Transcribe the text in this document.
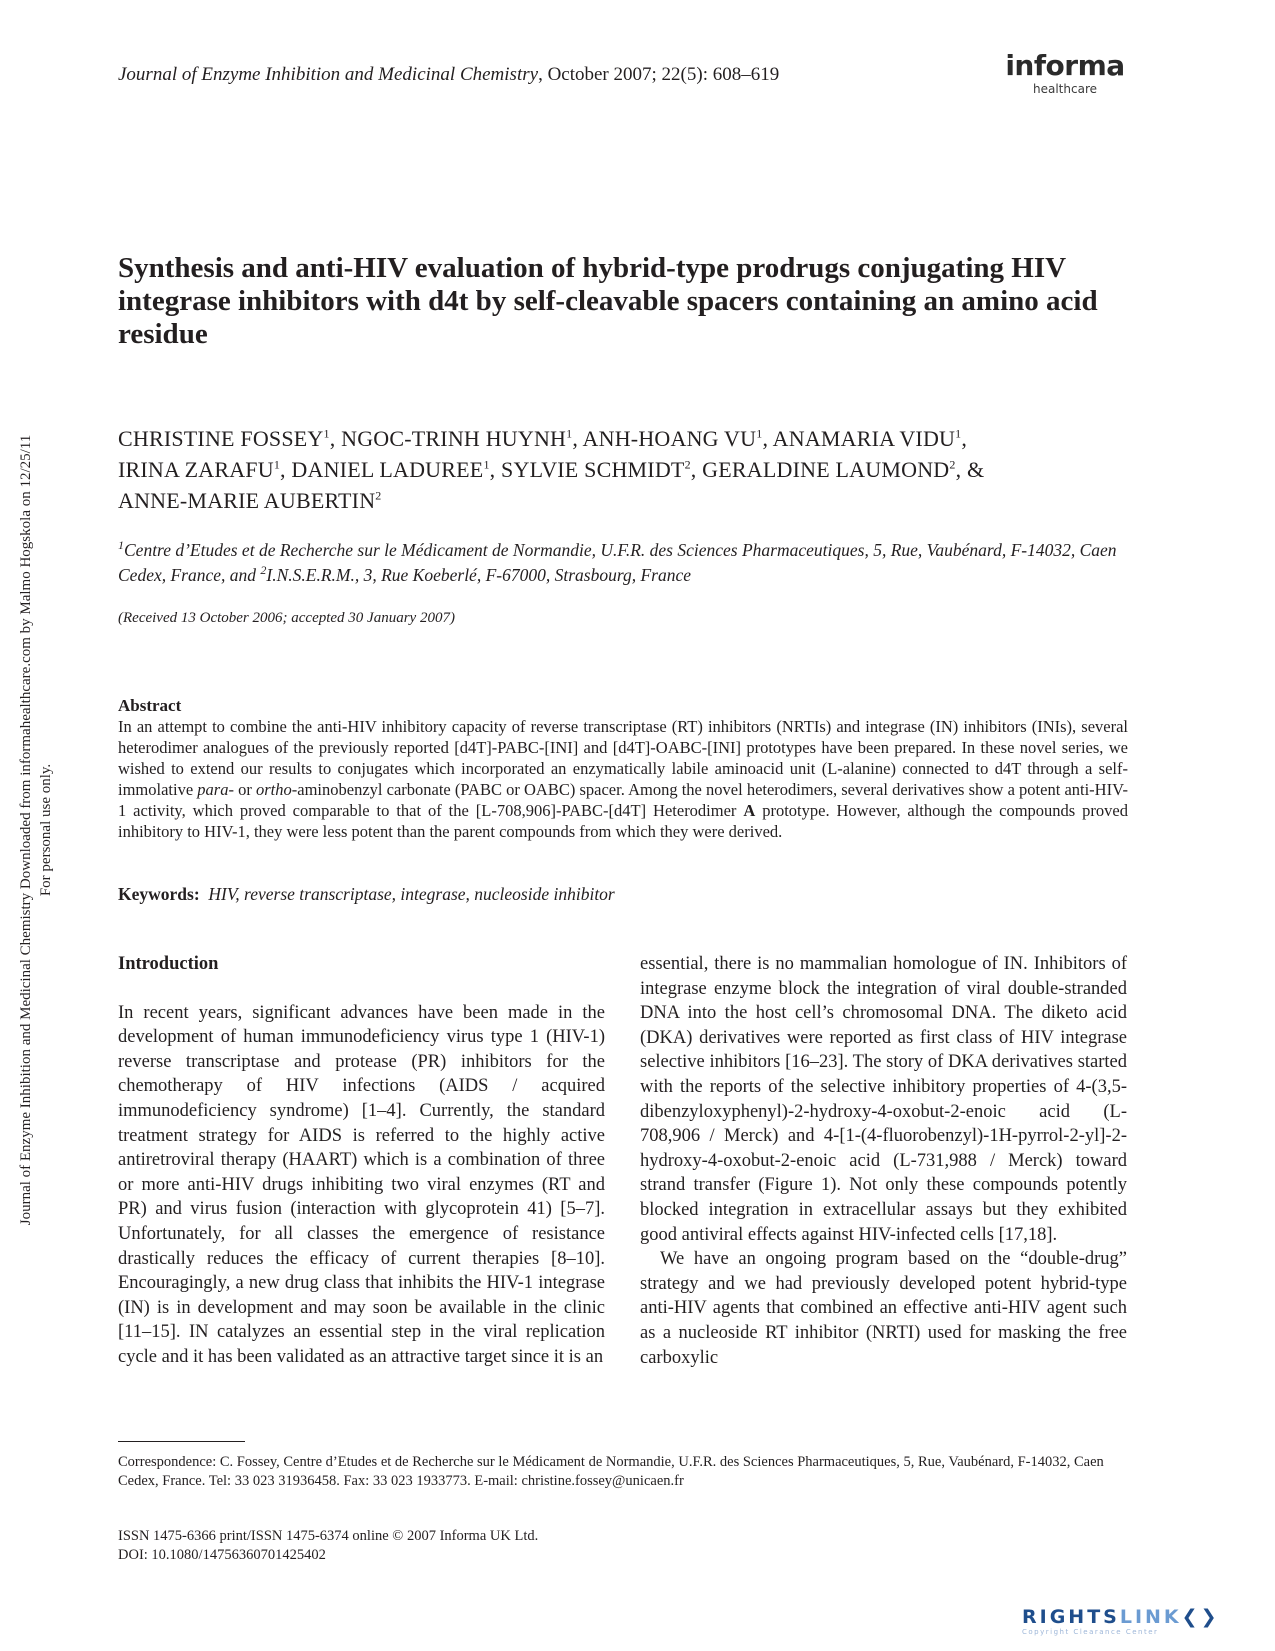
Journal of Enzyme Inhibition and Medicinal Chemistry, October 2007; 22(5): 608–619	informa
healthcare
Journal of Enzyme Inhibition and Medicinal Chemistry Downloaded from informahealthcare.com by Malmo Hogskola on 12/25/11 For personal use only.
Synthesis and anti-HIV evaluation of hybrid-type prodrugs conjugating HIV integrase inhibitors with d4t by self-cleavable spacers containing an amino acid residue
CHRISTINE FOSSEY$^1$, NGOC-TRINH HUYNH$^1$, ANH-HOANG $VU^1$, ANAMARIA VIDU$^1$,
IRINA ZARAFU$^1$, DANIEL LADUREE$^1$, SYLVIE SCHMIDT$^2$, GERALDINE LAUMOND$^2$, &
ANNE-MARIE AUBERTIN$^2$
$^1$Centre d’Etudes et de Recherche sur le Médicament de Normandie, U.F.R. des Sciences Pharmaceutiques, 5, Rue, Vaubénard, F-14032, Caen Cedex, France, and $^2$I.N.S.E.R.M., 3, Rue Koeberlé, F-67000, Strasbourg, France
(Received 13 October 2006; accepted 30 January 2007)
Abstract
In an attempt to combine the anti-HIV inhibitory capacity of reverse transcriptase (RT) inhibitors (NRTIs) and integrase (IN) inhibitors (INIs), several heterodimer analogues of the previously reported [d4T]-PABC-[INI] and [d4T]-OABC-[INI] prototypes have been prepared. In these novel series, we wished to extend our results to conjugates which incorporated an enzymatically labile aminoacid unit (L-alanine) connected to d4T through a self-immolative para- or ortho-aminobenzyl carbonate (PABC or OABC) spacer. Among the novel heterodimers, several derivatives show a potent anti-HIV-1 activity, which proved comparable to that of the [L-708,906]-PABC-[d4T] Heterodimer A prototype. However, although the compounds proved inhibitory to HIV-1, they were less potent than the parent compounds from which they were derived.
Keywords: HIV, reverse transcriptase, integrase, nucleoside inhibitor
Introduction

In recent years, significant advances have been made in the development of human immunodeficiency virus type 1 (HIV-1) reverse transcriptase and protease (PR) inhibitors for the chemotherapy of HIV infections (AIDS / acquired immunodeficiency syndrome) [1–4]. Currently, the standard treatment strategy for AIDS is referred to the highly active antiretroviral therapy (HAART) which is a combination of three or more anti-HIV drugs inhibiting two viral enzymes (RT and PR) and virus fusion (interaction with glycoprotein 41) [5–7]. Unfortunately, for all classes the emergence of resistance drastically reduces the efficacy of current therapies [8–10]. Encouragingly, a new drug class that inhibits the HIV-1 integrase (IN) is in development and may soon be available in the clinic [11–15]. IN catalyzes an essential step in the viral replication cycle and it has been validated as an attractive target since it is an

essential, there is no mammalian homologue of IN. Inhibitors of integrase enzyme block the integration of viral double-stranded DNA into the host cell’s chromosomal DNA. The diketo acid (DKA) derivatives were reported as first class of HIV integrase selective inhibitors [16–23]. The story of DKA derivatives started with the reports of the selective inhibitory properties of 4-(3,5-dibenzyloxyphenyl)-2-hydroxy-4-oxobut-2-enoic acid (L-708,906 / Merck) and 4-[1-(4-fluorobenzyl)-1H-pyrrol-2-yl]-2-hydroxy-4-oxobut-2-enoic acid (L-731,988 / Merck) toward strand transfer (Figure 1). Not only these compounds potently blocked integration in extracellular assays but they exhibited good antiviral effects against HIV-infected cells [17,18].

We have an ongoing program based on the “double-drug” strategy and we had previously developed potent hybrid-type anti-HIV agents that combined an effective anti-HIV agent such as a nucleoside RT inhibitor (NRTI) used for masking the free carboxylic

Correspondence: C. Fossey, Centre d’Etudes et de Recherche sur le Médicament de Normandie, U.F.R. des Sciences Pharmaceutiques, 5, Rue, Vaubénard, F-14032, Caen Cedex, France. Tel: 33 023 31936458. Fax: 33 023 1933773. E-mail: christine.fossey@unicaen.fr
ISSN 1475-6366 print/ISSN 1475-6374 online © 2007 Informa UK Ltd.
DOI: 10.1080/14756360701425402
RIGHTSLINK❮❯
Copyright Clearance Center
